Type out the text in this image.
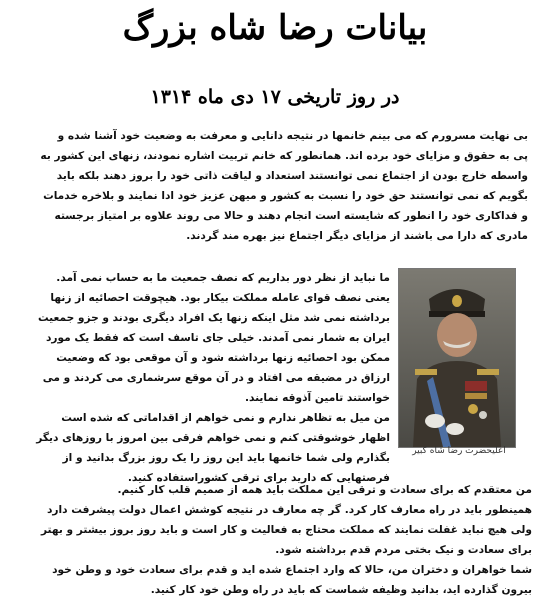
بیانات رضا شاه بزرگ
در روز تاریخی ۱۷ دی ماه ۱۳۱۴
بی نهایت مسرورم که می بینم خانمها در نتیجه دانایی و معرفت به وضعیت خود آشنا شده و
پی به حقوق و مزایای خود برده اند. همانطور که خانم تربیت اشاره نمودند، زنهای این کشور به
واسطه خارج بودن از اجتماع نمی توانستند استعداد و لیاقت ذاتی خود را بروز دهند بلکه باید
بگویم که نمی توانستند حق خود را نسبت به کشور و میهن عزیز خود ادا نمایند و بلاخره خدمات
و فداکاری خود را انطور که شایسته است انجام دهند و حالا می روند علاوه بر امتیاز برجسته
مادری که دارا می باشند از مزایای دیگر اجتماع نیز بهره مند گردند.
اعلیحضرت رضا شاه کبیر
ما نباید از نظر دور بداریم که نصف جمعیت ما به حساب نمی آمد.
یعنی نصف قوای عامله مملکت بیکار بود. هیچوقت احصائیه از زنها
برداشته نمی شد مثل اینکه زنها یک افراد دیگری بودند و جزو جمعیت
ایران به شمار نمی آمدند. خیلی جای تاسف است که فقط یک مورد
ممکن بود احصائیه زنها برداشته شود و آن موقعی بود که وضعیت
ارزاق در مضیقه می افتاد و در آن موقع سرشماری می کردند و می
خواستند تامین آذوقه نمایند.
من میل به تظاهر ندارم و نمی خواهم از اقداماتی که شده است
اظهار خوشوقتی کنم و نمی خواهم فرقی بین امروز با روزهای دیگر
بگذارم ولی شما خانمها باید این روز را یک روز بزرگ بدانید و از
فرصتهایی که دارید برای ترقی کشوراستفاده کنید.
من معتقدم که برای سعادت و ترقی این مملکت باید همه از صمیم قلب کار کنیم.
همینطور باید در راه معارف کار کرد. گر چه معارف در نتیجه کوشش اعمال دولت پیشرفت دارد
ولی هیچ نباید غفلت نمایند که مملکت محتاج به فعالیت و کار است و باید روز بروز بیشتر و بهتر
برای سعادت و نیک بختی مردم قدم برداشته شود.
شما خواهران و دختران من، حالا که وارد اجتماع شده اید و قدم برای سعادت خود و وطن خود
بیرون گذارده اید، بدانید وظیفه شماست که باید در راه وطن خود کار کنید.
